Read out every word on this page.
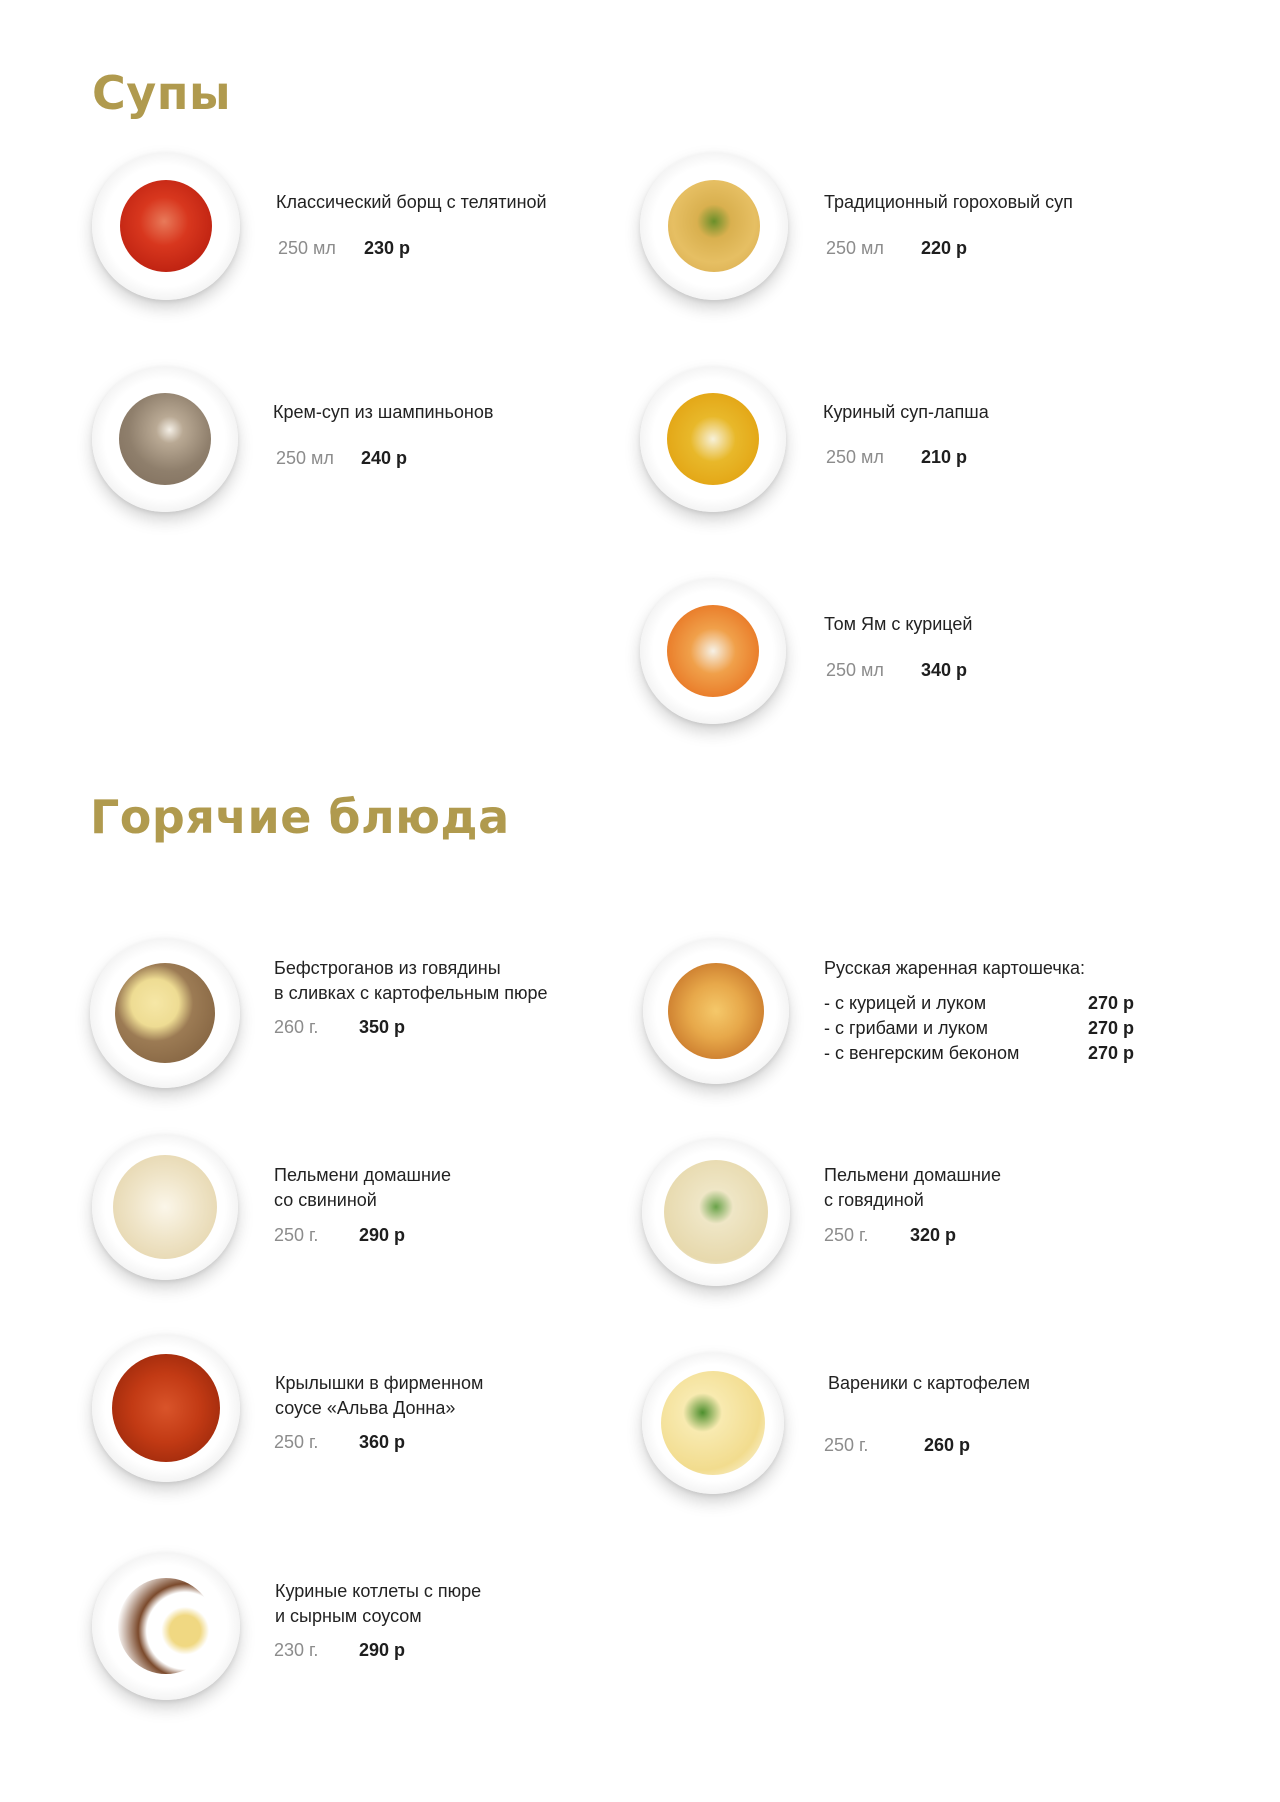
Супы
Классический борщ с телятиной
250 мл 230 р
Традиционный гороховый суп
250 мл 220 р
Крем-суп из шампиньонов
250 мл 240 р
Куриный суп-лапша
250 мл 210 р
Том Ям с курицей
250 мл 340 р
Горячие блюда
Бефстроганов из говядины
в сливках с картофельным пюре
260 г. 350 р
Русская жаренная картошечка:
- с курицей и луком	270 р
- с грибами и луком	270 р
- с венгерским беконом	270 р
Пельмени домашние
со свининой
250 г. 290 р
Пельмени домашние
с говядиной
250 г. 320 р
Крылышки в фирменном
соусе «Альва Донна»
250 г. 360 р
Вареники с картофелем
250 г.	260 р
Куриные котлеты с пюре
и сырным соусом
230 г. 290 р
